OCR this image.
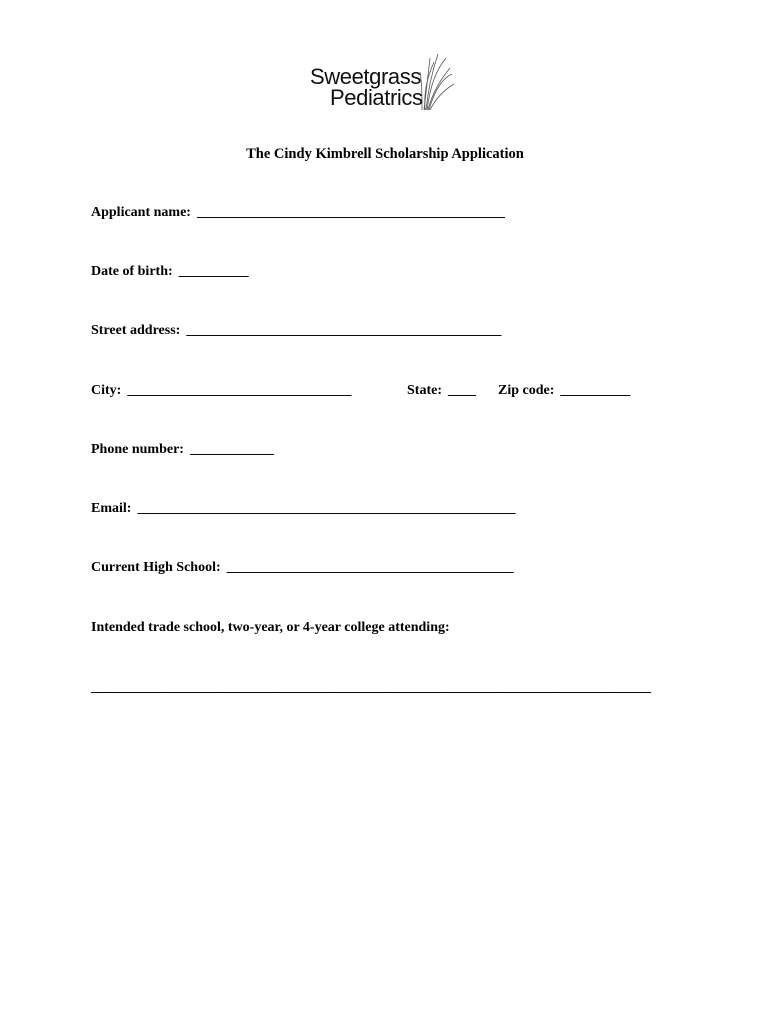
Sweetgrass
Pediatrics
The Cindy Kimbrell Scholarship Application
Applicant name: ____________________________________________
Date of birth: __________
Street address: _____________________________________________
City: ________________________________	State: ____ Zip code: __________
Phone number: ____________
Email: ______________________________________________________
Current High School: _________________________________________
Intended trade school, two-year, or 4-year college attending:
________________________________________________________________________________
